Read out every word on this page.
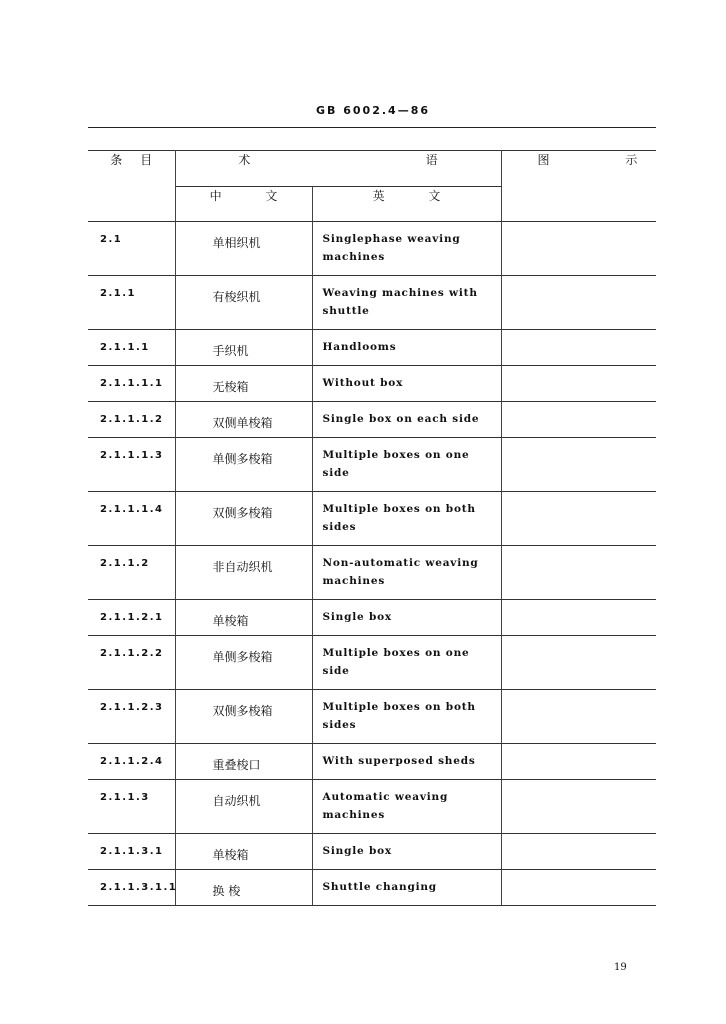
GB 6002.4—86
条目	术    语		图 示
	中 文	英 文	
2.1	单相织机	Singlephase weaving machines	
2.1.1	有梭织机	Weaving machines with shuttle	
2.1.1.1	手织机	Handlooms	
2.1.1.1.1	无梭箱	Without box	
2.1.1.1.2	双侧单梭箱	Single box on each side	
2.1.1.1.3	单侧多梭箱	Multiple boxes on one side	
2.1.1.1.4	双侧多梭箱	Multiple boxes on both sides	
2.1.1.2	非自动织机	Non-automatic weaving machines	
2.1.1.2.1	单梭箱	Single box	
2.1.1.2.2	单侧多梭箱	Multiple boxes on one side	
2.1.1.2.3	双侧多梭箱	Multiple boxes on both sides	
2.1.1.2.4	重叠梭口	With superposed sheds	
2.1.1.3	自动织机	Automatic weaving machines	
2.1.1.3.1	单梭箱	Single box	
2.1.1.3.1.1	换 梭	Shuttle changing	
19
